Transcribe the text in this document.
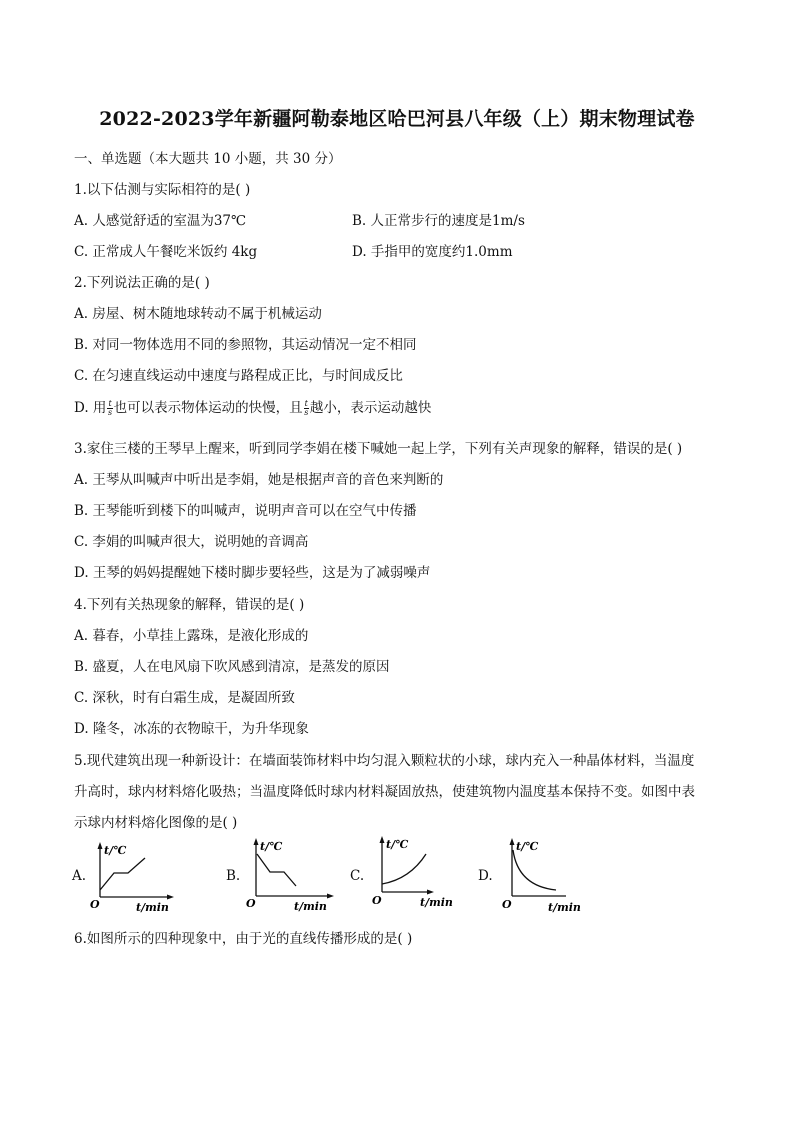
2022-2023学年新疆阿勒泰地区哈巴河县八年级（上）期末物理试卷
一、单选题（本大题共 10 小题，共 30 分）
1.以下估测与实际相符的是( )
A. 人感觉舒适的室温为37℃	B. 人正常步行的速度是1m/s
C. 正常成人午餐吃米饭约 4kg	D. 手指甲的宽度约1.0mm
2.下列说法正确的是( )
A. 房屋、树木随地球转动不属于机械运动
B. 对同一物体选用不同的参照物，其运动情况一定不相同
C. 在匀速直线运动中速度与路程成正比，与时间成反比
D. 用 $\frac{t}{s}$ 也可以表示物体运动的快慢，且 $\frac{t}{s}$ 越小，表示运动越快
3.家住三楼的王琴早上醒来，听到同学李娟在楼下喊她一起上学，下列有关声现象的解释，错误的是( )
A. 王琴从叫喊声中听出是李娟，她是根据声音的音色来判断的
B. 王琴能听到楼下的叫喊声，说明声音可以在空气中传播
C. 李娟的叫喊声很大，说明她的音调高
D. 王琴的妈妈提醒她下楼时脚步要轻些，这是为了减弱噪声
4.下列有关热现象的解释，错误的是( )
A. 暮春，小草挂上露珠，是液化形成的
B. 盛夏，人在电风扇下吹风感到清凉，是蒸发的原因
C. 深秋，时有白霜生成，是凝固所致
D. 隆冬，冰冻的衣物晾干，为升华现象
5.现代建筑出现一种新设计：在墙面装饰材料中均匀混入颗粒状的小球，球内充入一种晶体材料，当温度
升高时，球内材料熔化吸热；当温度降低时球内材料凝固放热，使建筑物内温度基本保持不变。如图中表
示球内材料熔化图像的是( )
A.	B.	C.	D.
t/℃
O	t/min
t/℃
O	t/min
t/℃
O	t/min
t/℃
O	t/min
6.如图所示的四种现象中，由于光的直线传播形成的是( )
